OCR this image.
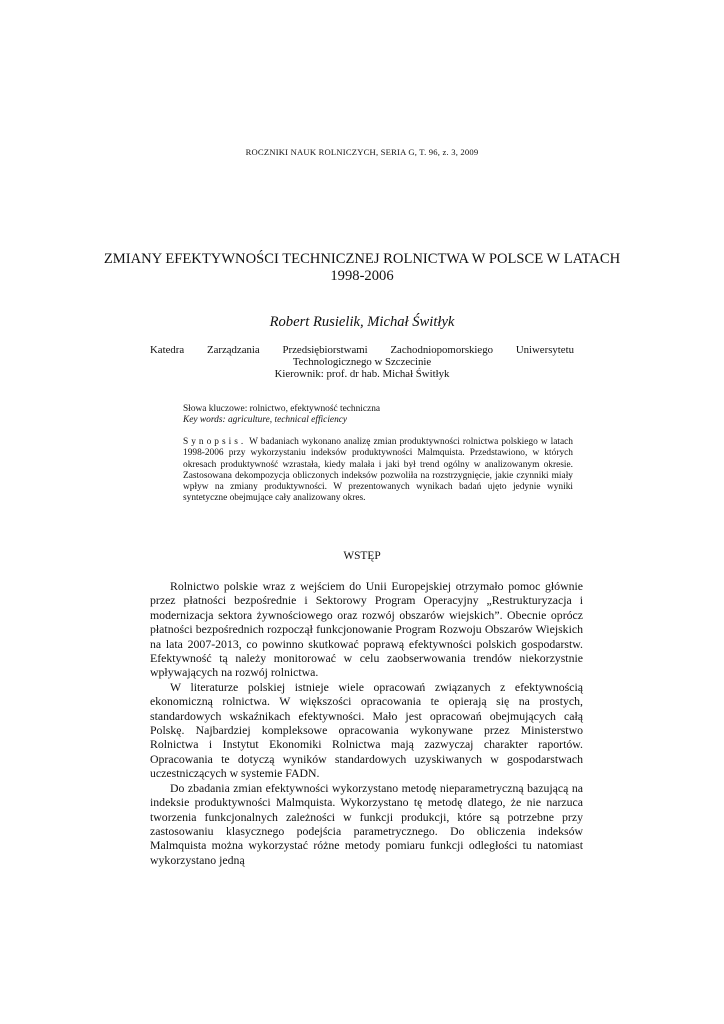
ROCZNIKI NAUK ROLNICZYCH, SERIA G, T. 96, z. 3, 2009
ZMIANY EFEKTYWNOŚCI TECHNICZNEJ ROLNICTWA W POLSCE W LATACH 1998-2006
Robert Rusielik, Michał Świtłyk
Katedra Zarządzania Przedsiębiorstwami Zachodniopomorskiego Uniwersytetu Technologicznego w Szczecinie
Kierownik: prof. dr hab. Michał Świtłyk
Słowa kluczowe: rolnictwo, efektywność techniczna
Key words: agriculture, technical efficiency
Synopsis. W badaniach wykonano analizę zmian produktywności rolnictwa polskiego w latach 1998-2006 przy wykorzystaniu indeksów produktywności Malmquista. Przedstawiono, w których okresach produktywność wzrastała, kiedy malała i jaki był trend ogólny w analizowanym okresie. Zastosowana dekompozycja obliczonych indeksów pozwoliła na rozstrzygnięcie, jakie czynniki miały wpływ na zmiany produktywności. W prezentowanych wynikach badań ujęto jedynie wyniki syntetyczne obejmujące cały analizowany okres.
WSTĘP

Rolnictwo polskie wraz z wejściem do Unii Europejskiej otrzymało pomoc głównie przez płatności bezpośrednie i Sektorowy Program Operacyjny „Restrukturyzacja i modernizacja sektora żywnościowego oraz rozwój obszarów wiejskich”. Obecnie oprócz płatności bezpośrednich rozpoczął funkcjonowanie Program Rozwoju Obszarów Wiejskich na lata 2007-2013, co powinno skutkować poprawą efektywności polskich gospodarstw. Efektywność tą należy monitorować w celu zaobserwowania trendów niekorzystnie wpływających na rozwój rolnictwa.

W literaturze polskiej istnieje wiele opracowań związanych z efektywnością ekonomiczną rolnictwa. W większości opracowania te opierają się na prostych, standardowych wskaźnikach efektywności. Mało jest opracowań obejmujących całą Polskę. Najbardziej kompleksowe opracowania wykonywane przez Ministerstwo Rolnictwa i Instytut Ekonomiki Rolnictwa mają zazwyczaj charakter raportów. Opracowania te dotyczą wyników standardowych uzyskiwanych w gospodarstwach uczestniczących w systemie FADN.

Do zbadania zmian efektywności wykorzystano metodę nieparametryczną bazującą na indeksie produktywności Malmquista. Wykorzystano tę metodę dlatego, że nie narzuca tworzenia funkcjonalnych zależności w funkcji produkcji, które są potrzebne przy zastosowaniu klasycznego podejścia parametrycznego. Do obliczenia indeksów Malmquista można wykorzystać różne metody pomiaru funkcji odległości tu natomiast wykorzystano jedną
